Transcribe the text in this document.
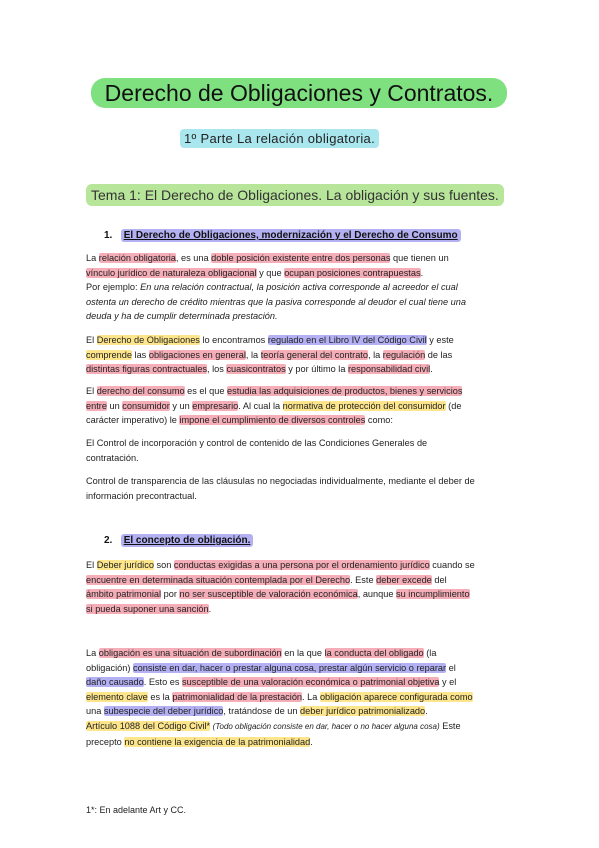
Derecho de Obligaciones y Contratos.
1º Parte La relación obligatoria.
Tema 1: El Derecho de Obligaciones. La obligación y sus fuentes.
1. El Derecho de Obligaciones, modernización y el Derecho de Consumo
La relación obligatoria, es una doble posición existente entre dos personas que tienen un
vínculo jurídico de naturaleza obligacional y que ocupan posiciones contrapuestas.
Por ejemplo: En una relación contractual, la posición activa corresponde al acreedor el cual
ostenta un derecho de crédito mientras que la pasiva corresponde al deudor el cual tiene una
deuda y ha de cumplir determinada prestación.
El Derecho de Obligaciones lo encontramos regulado en el Libro IV del Código Civil y este
comprende las obligaciones en general, la teoría general del contrato, la regulación de las
distintas figuras contractuales, los cuasicontratos y por último la responsabilidad civil.
El derecho del consumo es el que estudia las adquisiciones de productos, bienes y servicios
entre un consumidor y un empresario. Al cual la normativa de protección del consumidor (de
carácter imperativo) le impone el cumplimiento de diversos controles como:
El Control de incorporación y control de contenido de las Condiciones Generales de
contratación.
Control de transparencia de las cláusulas no negociadas individualmente, mediante el deber de
información precontractual.
2. El concepto de obligación.
El Deber jurídico son conductas exigidas a una persona por el ordenamiento jurídico cuando se
encuentre en determinada situación contemplada por el Derecho. Este deber excede del
ámbito patrimonial por no ser susceptible de valoración económica, aunque su incumplimiento
si pueda suponer una sanción.
La obligación es una situación de subordinación en la que la conducta del obligado (la
obligación) consiste en dar, hacer o prestar alguna cosa, prestar algún servicio o reparar el
daño causado. Esto es susceptible de una valoración económica o patrimonial objetiva y el
elemento clave es la patrimonialidad de la prestación. La obligación aparece configurada como
una subespecie del deber jurídico, tratándose de un deber jurídico patrimonializado.
Artículo 1088 del Código Civil* (Todo obligación consiste en dar, hacer o no hacer alguna cosa) Este
precepto no contiene la exigencia de la patrimonialidad.
1*: En adelante Art y CC.
